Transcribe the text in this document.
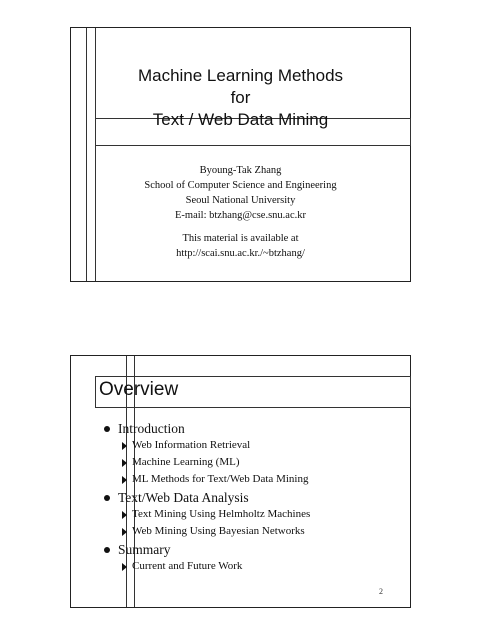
Machine Learning Methods
for
Text / Web Data Mining
Byoung-Tak Zhang
School of Computer Science and Engineering
Seoul National University
E-mail: btzhang@cse.snu.ac.kr
This material is available at
http://scai.snu.ac.kr./~btzhang/
Overview
Introduction
Web Information Retrieval
Machine Learning (ML)
ML Methods for Text/Web Data Mining
Text/Web Data Analysis
Text Mining Using Helmholtz Machines
Web Mining Using Bayesian Networks
Summary
Current and Future Work
2
